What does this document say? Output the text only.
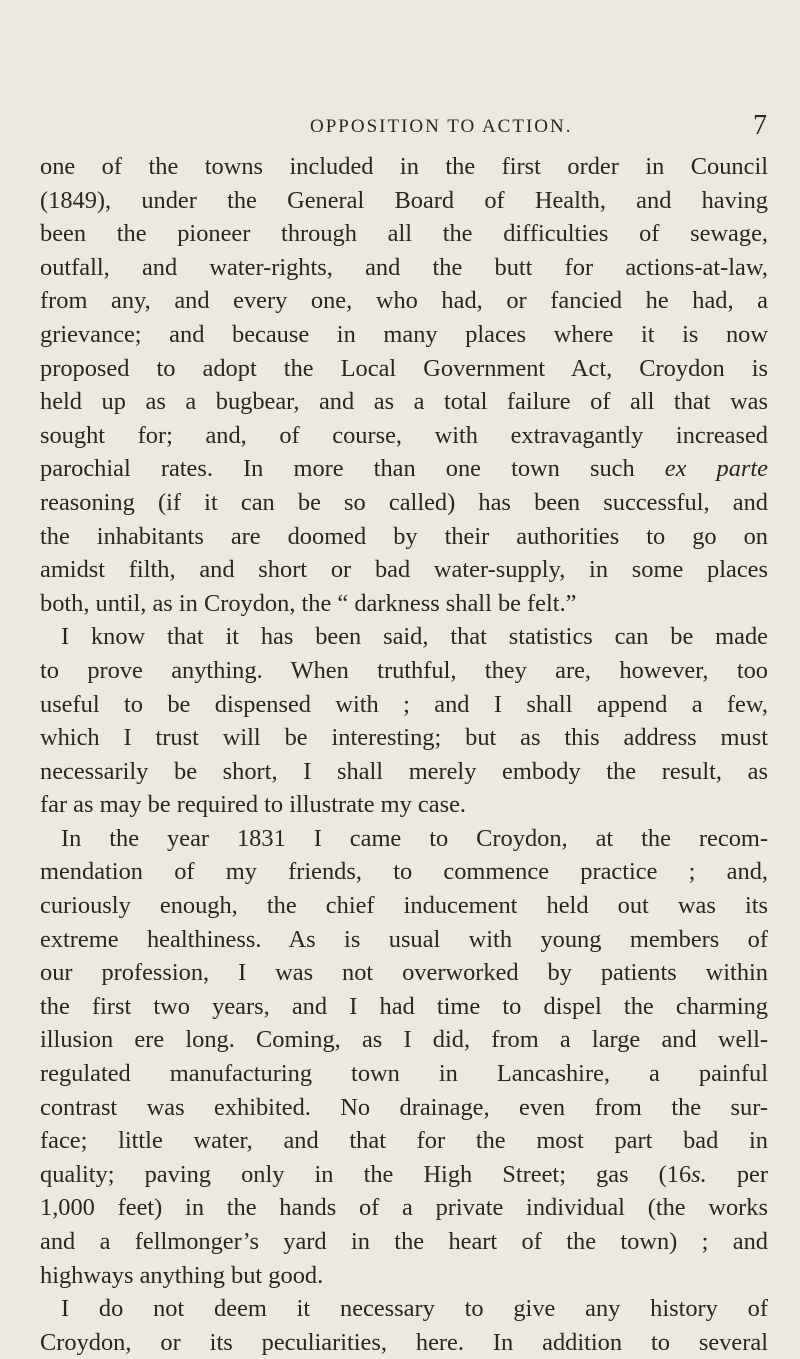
OPPOSITION TO ACTION.	7
one of the towns included in the first order in Council
(1849), under the General Board of Health, and having
been the pioneer through all the difficulties of sewage,
outfall, and water-rights, and the butt for actions-at-law,
from any, and every one, who had, or fancied he had, a
grievance; and because in many places where it is now
proposed to adopt the Local Government Act, Croydon is
held up as a bugbear, and as a total failure of all that was
sought for; and, of course, with extravagantly increased
parochial rates. In more than one town such ex parte
reasoning (if it can be so called) has been successful, and
the inhabitants are doomed by their authorities to go on
amidst filth, and short or bad water-supply, in some places
both, until, as in Croydon, the “ darkness shall be felt.”
I know that it has been said, that statistics can be made
to prove anything. When truthful, they are, however, too
useful to be dispensed with ; and I shall append a few,
which I trust will be interesting; but as this address must
necessarily be short, I shall merely embody the result, as
far as may be required to illustrate my case.
In the year 1831 I came to Croydon, at the recom-
mendation of my friends, to commence practice ; and,
curiously enough, the chief inducement held out was its
extreme healthiness. As is usual with young members of
our profession, I was not overworked by patients within
the first two years, and I had time to dispel the charming
illusion ere long. Coming, as I did, from a large and well-
regulated manufacturing town in Lancashire, a painful
contrast was exhibited. No drainage, even from the sur-
face; little water, and that for the most part bad in
quality; paving only in the High Street; gas (16s. per
1,000 feet) in the hands of a private individual (the works
and a fellmonger’s yard in the heart of the town) ; and
highways anything but good.
I do not deem it necessary to give any history of
Croydon, or its peculiarities, here. In addition to several
